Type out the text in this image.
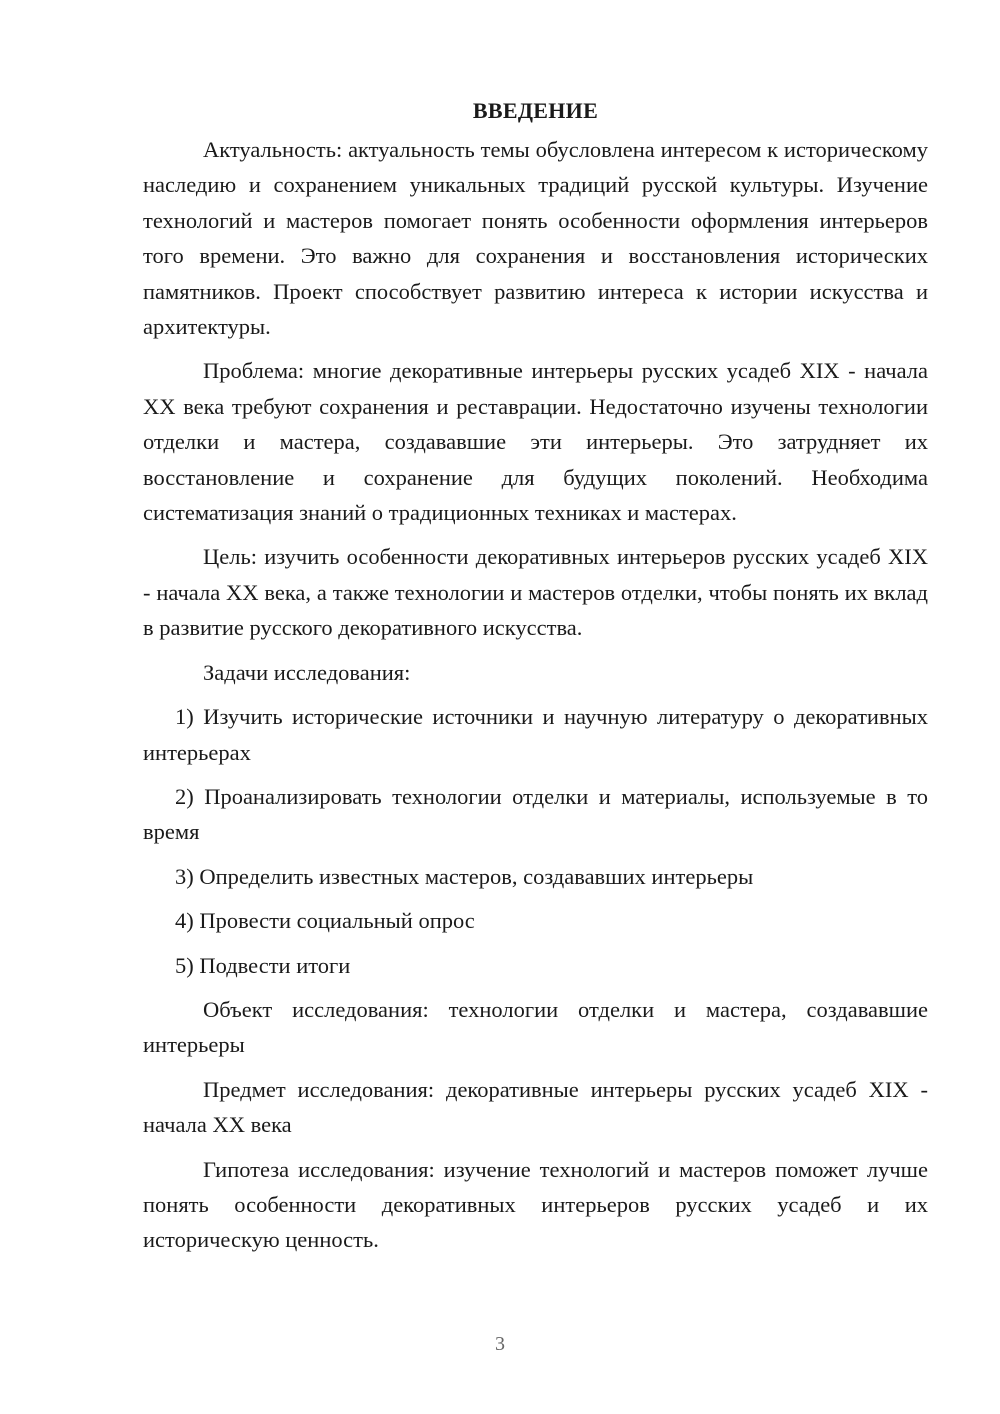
ВВЕДЕНИЕ

Актуальность: актуальность темы обусловлена интересом к историческому наследию и сохранением уникальных традиций русской культуры. Изучение технологий и мастеров помогает понять особенности оформления интерьеров того времени. Это важно для сохранения и восстановления исторических памятников. Проект способствует развитию интереса к истории искусства и архитектуры.

Проблема: многие декоративные интерьеры русских усадеб XIX - начала XX века требуют сохранения и реставрации. Недостаточно изучены технологии отделки и мастера, создававшие эти интерьеры. Это затрудняет их восстановление и сохранение для будущих поколений. Необходима систематизация знаний о традиционных техниках и мастерах.

Цель: изучить особенности декоративных интерьеров русских усадеб XIX - начала XX века, а также технологии и мастеров отделки, чтобы понять их вклад в развитие русского декоративного искусства.

Задачи исследования:

1) Изучить исторические источники и научную литературу о декоративных интерьерах

2) Проанализировать технологии отделки и материалы, используемые в то время

3) Определить известных мастеров, создававших интерьеры

4) Провести социальный опрос

5) Подвести итоги

Объект исследования: технологии отделки и мастера, создававшие интерьеры

Предмет исследования: декоративные интерьеры русских усадеб XIX - начала XX века

Гипотеза исследования: изучение технологий и мастеров поможет лучше понять особенности декоративных интерьеров русских усадеб и их историческую ценность.

3
